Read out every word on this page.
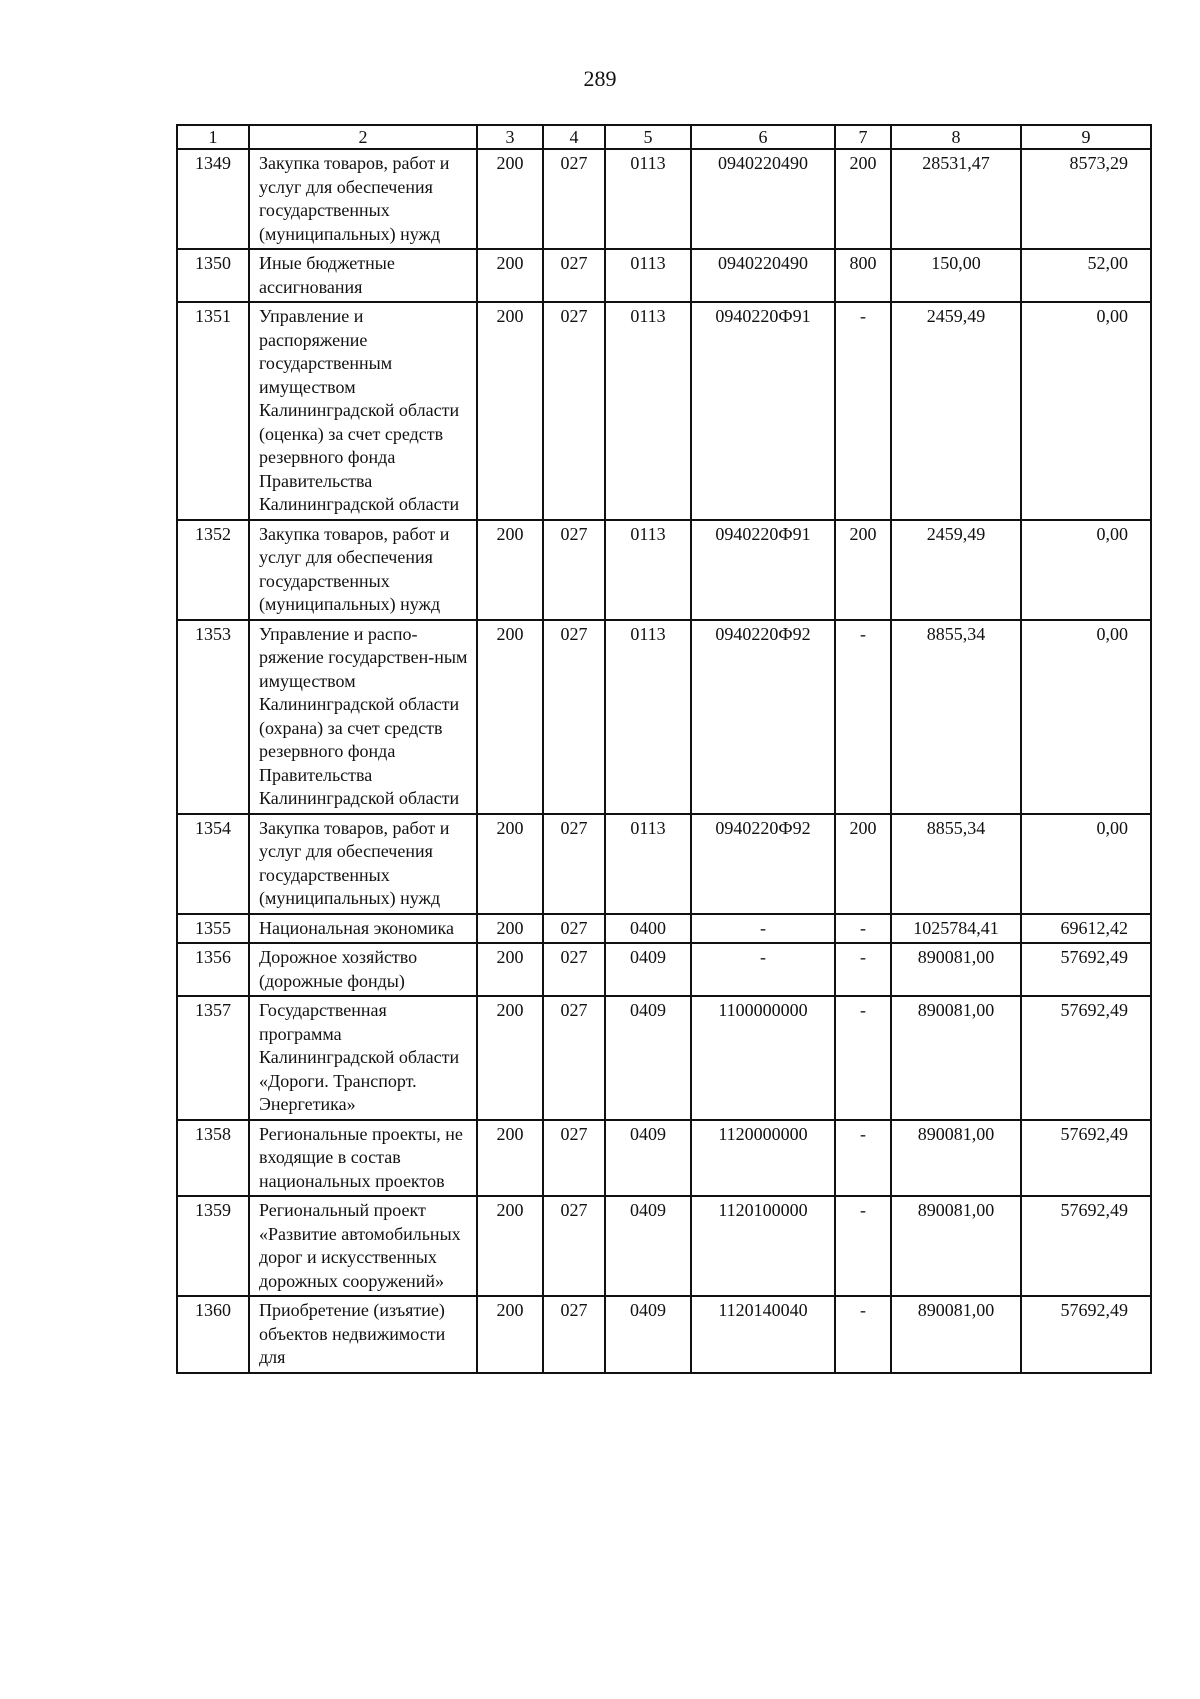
289
1	2	3	4	5	6	7	8	9
1349	Закупка товаров, работ и услуг для обеспечения государственных (муниципальных) нужд	200	027	0113	0940220490	200	28531,47	8573,29
1350	Иные бюджетные ассигнования	200	027	0113	0940220490	800	150,00	52,00
1351	Управление и распоряжение государственным имуществом Калининградской области (оценка) за счет средств резервного фонда Правительства Калининградской области	200	027	0113	0940220Ф91	-	2459,49	0,00
1352	Закупка товаров, работ и услуг для обеспечения государственных (муниципальных) нужд	200	027	0113	0940220Ф91	200	2459,49	0,00
1353	Управление и распо-ряжение государствен-ным имуществом Калининградской области (охрана) за счет средств резервного фонда Правительства Калининградской области	200	027	0113	0940220Ф92	-	8855,34	0,00
1354	Закупка товаров, работ и услуг для обеспечения государственных (муниципальных) нужд	200	027	0113	0940220Ф92	200	8855,34	0,00
1355	Национальная экономика	200	027	0400	-	-	1025784,41	69612,42
1356	Дорожное хозяйство (дорожные фонды)	200	027	0409	-	-	890081,00	57692,49
1357	Государственная программа Калининградской области «Дороги. Транспорт. Энергетика»	200	027	0409	1100000000	-	890081,00	57692,49
1358	Региональные проекты, не входящие в состав национальных проектов	200	027	0409	1120000000	-	890081,00	57692,49
1359	Региональный проект «Развитие автомобильных дорог и искусственных дорожных сооружений»	200	027	0409	1120100000	-	890081,00	57692,49
1360	Приобретение (изъятие) объектов недвижимости для	200	027	0409	1120140040	-	890081,00	57692,49
